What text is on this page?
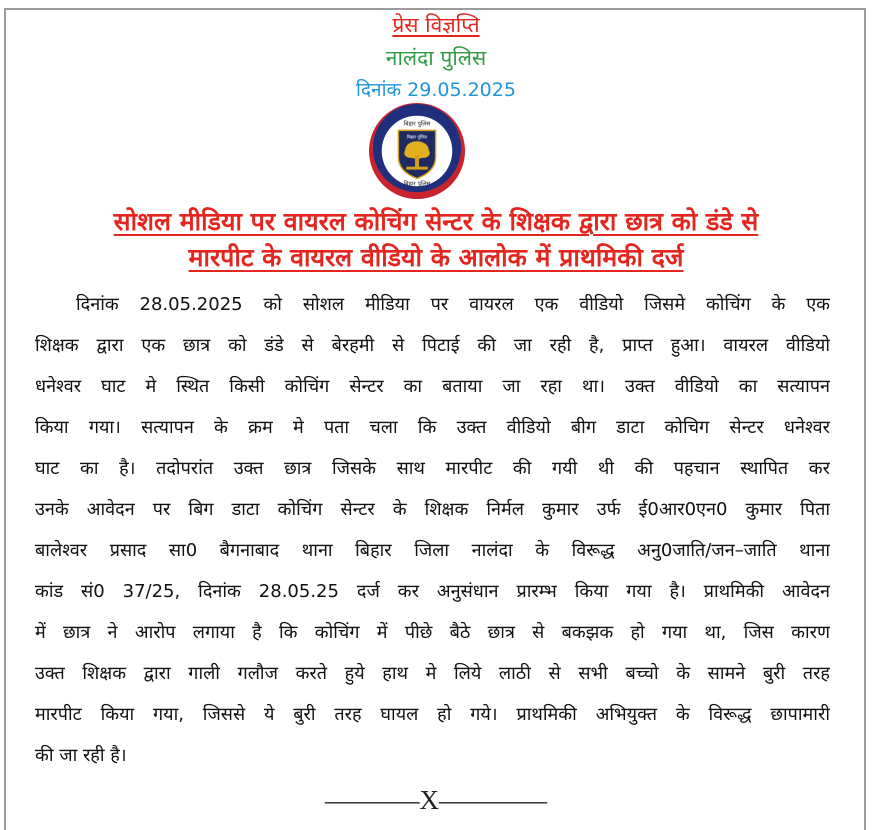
प्रेस विज्ञप्ति
नालंदा पुलिस
दिनांक 29.05.2025
बिहार पुलिस
बिहार पुलिस
बिहार पुलिस
सोशल मीडिया पर वायरल कोचिंग सेन्टर के शिक्षक द्वारा छात्र को डंडे से
मारपीट के वायरल वीडियो के आलोक में प्राथमिकी दर्ज
दिनांक 28.05.2025 को सोशल मीडिया पर वायरल एक वीडियो जिसमे कोचिंग के एक
शिक्षक द्वारा एक छात्र को डंडे से बेरहमी से पिटाई की जा रही है, प्राप्त हुआ। वायरल वीडियो
धनेश्वर घाट मे स्थित किसी कोचिंग सेन्टर का बताया जा रहा था। उक्त वीडियो का सत्यापन
किया गया। सत्यापन के क्रम मे पता चला कि उक्त वीडियो बीग डाटा कोचिग सेन्टर धनेश्वर
घाट का है। तदोपरांत उक्त छात्र जिसके साथ मारपीट की गयी थी की पहचान स्थापित कर
उनके आवेदन पर बिग डाटा कोचिंग सेन्टर के शिक्षक निर्मल कुमार उर्फ ई0आर0एन0 कुमार पिता
बालेश्वर प्रसाद सा0 बैगनाबाद थाना बिहार जिला नालंदा के विरूद्ध अनु0जाति/जन–जाति थाना
कांड सं0 37/25, दिनांक 28.05.25 दर्ज कर अनुसंधान प्रारम्भ किया गया है। प्राथमिकी आवेदन
में छात्र ने आरोप लगाया है कि कोचिंग में पीछे बैठे छात्र से बकझक हो गया था, जिस कारण
उक्त शिक्षक द्वारा गाली गलौज करते हुये हाथ मे लिये लाठी से सभी बच्चो के सामने बुरी तरह
मारपीट किया गया, जिससे ये बुरी तरह घायल हो गये। प्राथमिकी अभियुक्त के विरूद्ध छापामारी
की जा रही है।
–––––––X––––––––
